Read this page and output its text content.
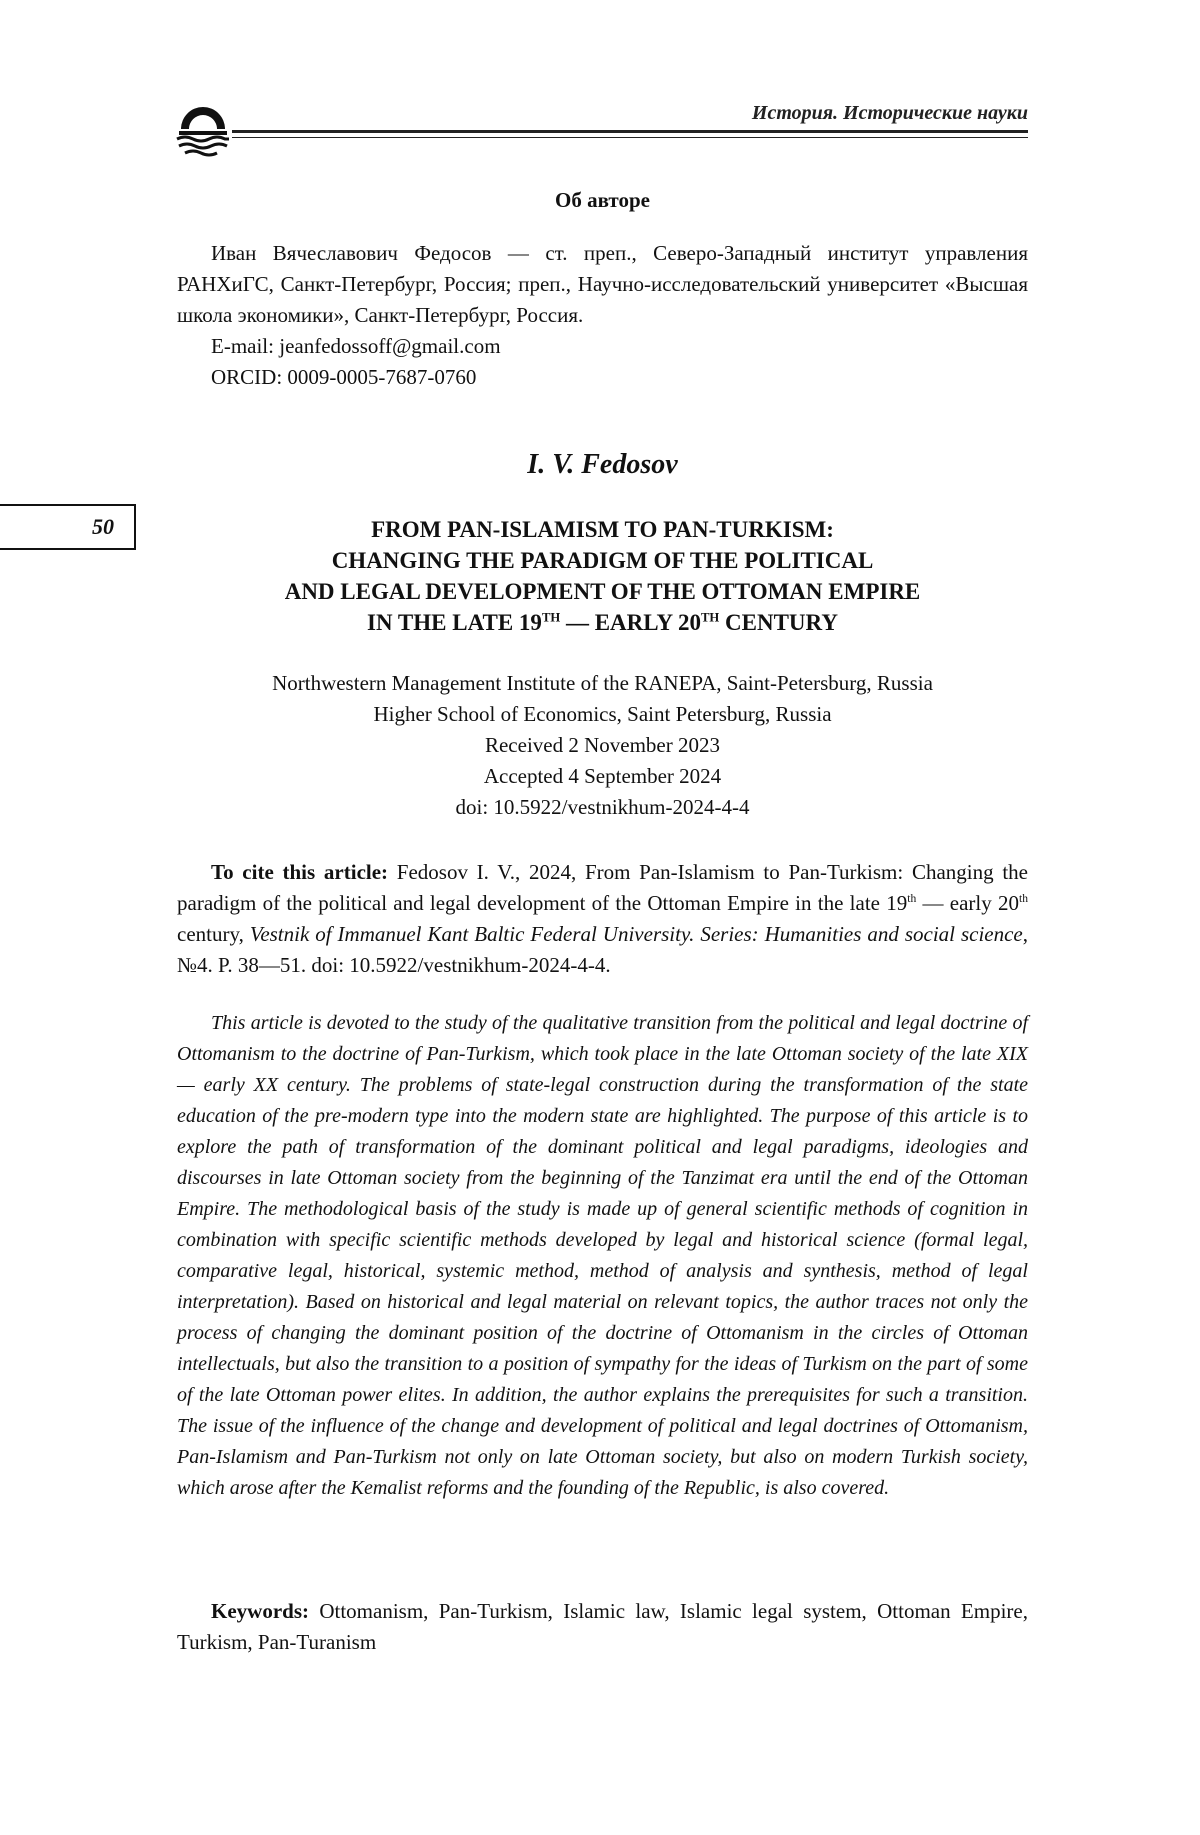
История. Исторические науки
50
Об авторе

Иван Вячеславович Федосов — ст. преп., Северо-Западный институт управления РАНХиГС, Санкт-Петербург, Россия; преп., Научно-исследовательский университет «Высшая школа экономики», Санкт-Петербург, Россия.

E-mail: jeanfedossoff@gmail.com
ORCID: 0009-0005-7687-0760
I. V. Fedosov
FROM PAN-ISLAMISM TO PAN-TURKISM:
CHANGING THE PARADIGM OF THE POLITICAL
AND LEGAL DEVELOPMENT OF THE OTTOMAN EMPIRE
IN THE LATE 19TH — EARLY 20TH CENTURY
Northwestern Management Institute of the RANEPA, Saint-Petersburg, Russia
Higher School of Economics, Saint Petersburg, Russia
Received 2 November 2023
Accepted 4 September 2024
doi: 10.5922/vestnikhum-2024-4-4

To cite this article: Fedosov I. V., 2024, From Pan-Islamism to Pan-Turkism: Changing the paradigm of the political and legal development of the Ottoman Empire in the late 19th — early 20th century, Vestnik of Immanuel Kant Baltic Federal University. Series: Humanities and social science, №4. P. 38—51. doi: 10.5922/vestnikhum-2024-4-4.

This article is devoted to the study of the qualitative transition from the political and legal doctrine of Ottomanism to the doctrine of Pan-Turkism, which took place in the late Ottoman society of the late XIX — early XX century. The problems of state-legal construction during the transformation of the state education of the pre-modern type into the modern state are highlighted. The purpose of this article is to explore the path of transformation of the dominant political and legal paradigms, ideologies and discourses in late Ottoman society from the beginning of the Tanzimat era until the end of the Ottoman Empire. The methodological basis of the study is made up of general scientific methods of cognition in combination with specific scientific methods developed by legal and historical science (formal legal, comparative legal, historical, systemic method, method of analysis and synthesis, method of legal interpretation). Based on historical and legal material on relevant topics, the author traces not only the process of changing the dominant position of the doctrine of Ottomanism in the circles of Ottoman intellectuals, but also the transition to a position of sympathy for the ideas of Turkism on the part of some of the late Ottoman power elites. In addition, the author explains the prerequisites for such a transition. The issue of the influence of the change and development of political and legal doctrines of Ottomanism, Pan-Islamism and Pan-Turkism not only on late Ottoman society, but also on modern Turkish society, which arose after the Kemalist reforms and the founding of the Republic, is also covered.

Keywords: Ottomanism, Pan-Turkism, Islamic law, Islamic legal system, Ottoman Empire, Turkism, Pan-Turanism
